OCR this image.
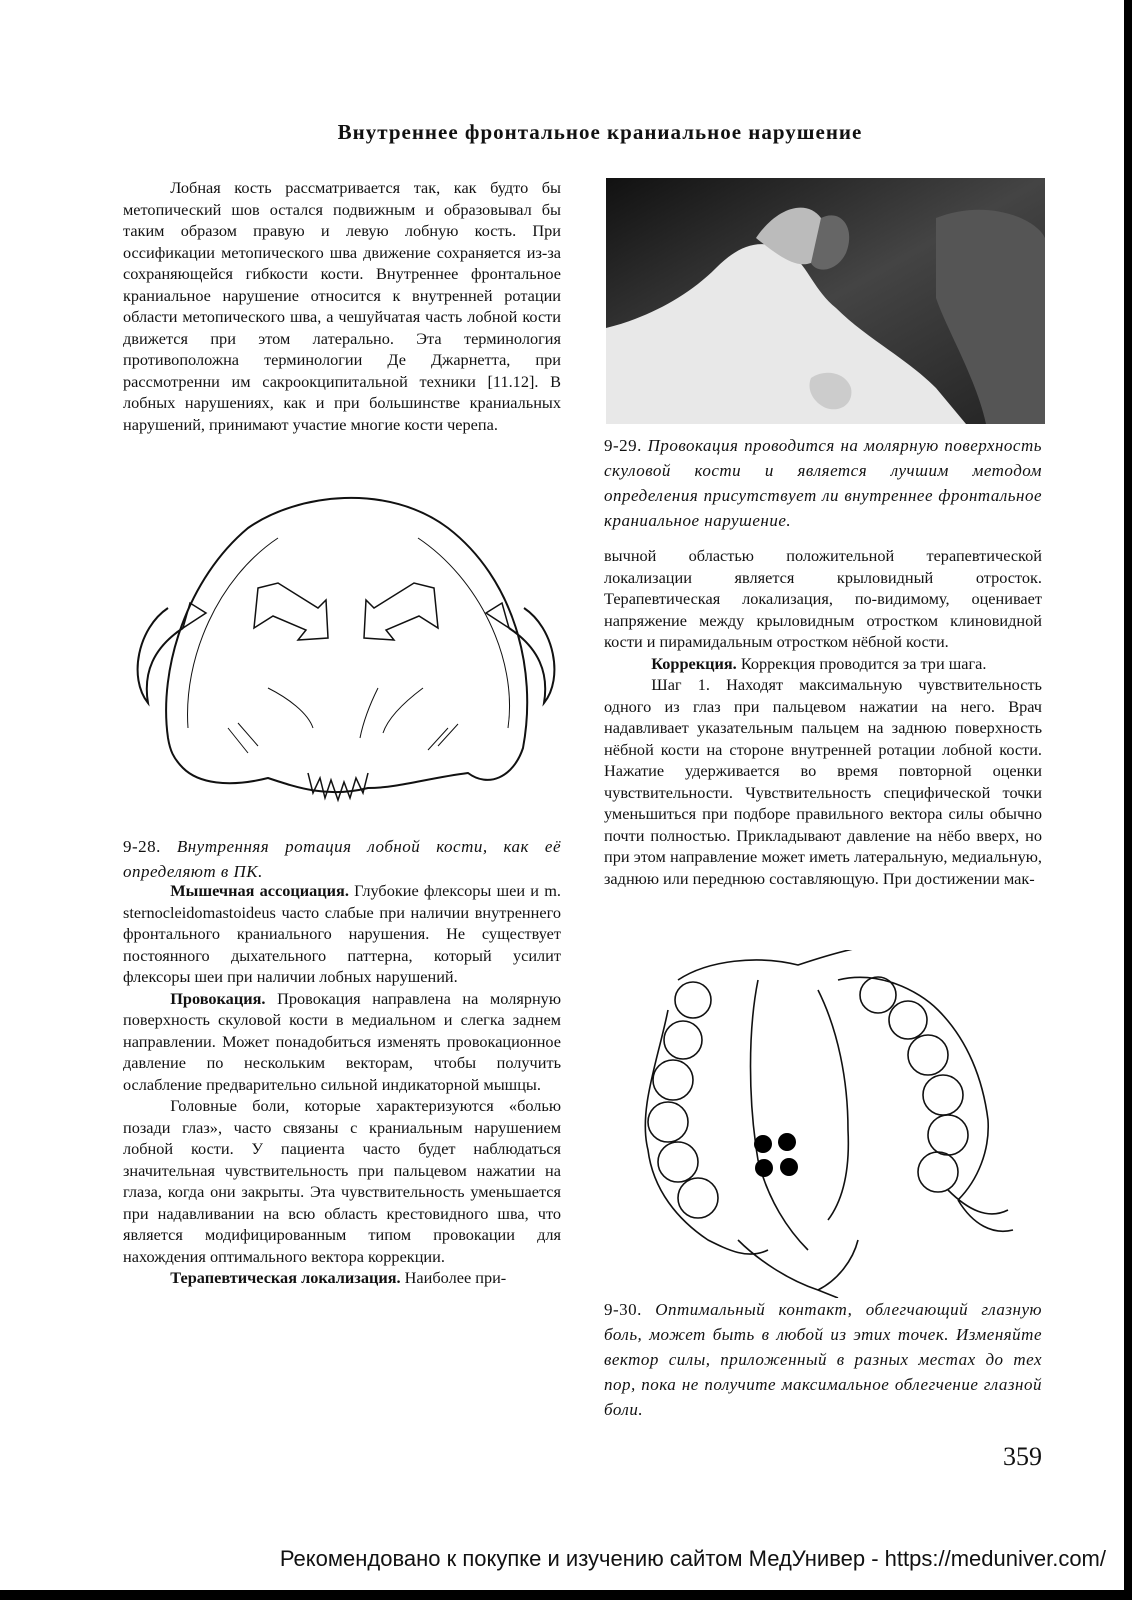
Внутреннее фронтальное краниальное нарушение

Лобная кость рассматривается так, как будто бы метопический шов остался подвижным и образовывал бы таким образом правую и левую лобную кость. При оссификации метопического шва движение сохраняется из-за сохраняющейся гибкости кости. Внутреннее фронтальное краниальное нарушение относится к внутренней ротации области метопического шва, а чешуйчатая часть лобной кости движется при этом латерально. Эта терминология противоположна терминологии Де Джарнетта, при рассмотренни им сакроокципитальной техники [11.12]. В лобных нарушениях, как и при большинстве краниальных нарушений, принимают участие многие кости черепа.

9-28. Внутренняя ротация лобной кости, как её определяют в ПК.

Мышечная ассоциация. Глубокие флексоры шеи и m. sternocleidomastoideus часто слабые при наличии внутреннего фронтального краниального нарушения. Не существует постоянного дыхательного паттерна, который усилит флексоры шеи при наличии лобных нарушений.

Провокация. Провокация направлена на молярную поверхность скуловой кости в медиальном и слегка заднем направлении. Может понадобиться изменять провокационное давление по нескольким векторам, чтобы получить ослабление предварительно сильной индикаторной мышцы.

Головные боли, которые характеризуются «болью позади глаз», часто связаны с краниальным нарушением лобной кости. У пациента часто будет наблюдаться значительная чувствительность при пальцевом нажатии на глаза, когда они закрыты. Эта чувствительность уменьшается при надавливании на всю область крестовидного шва, что является модифицированным типом провокации для нахождения оптимального вектора коррекции.

Терапевтическая локализация. Наиболее при-

9-29. Провокация проводится на молярную поверхность скуловой кости и является лучшим методом определения присутствует ли внутреннее фронтальное краниальное нарушение.

вычной областью положительной терапевтической локализации является крыловидный отросток. Терапевтическая локализация, по-видимому, оценивает напряжение между крыловидным отростком клиновидной кости и пирамидальным отростком нёбной кости.

Коррекция. Коррекция проводится за три шага.

Шаг 1. Находят максимальную чувствительность одного из глаз при пальцевом нажатии на него. Врач надавливает указательным пальцем на заднюю поверхность нёбной кости на стороне внутренней ротации лобной кости. Нажатие удерживается во время повторной оценки чувствительности. Чувствительность специфической точки уменьшиться при подборе правильного вектора силы обычно почти полностью. Прикладывают давление на нёбо вверх, но при этом направление может иметь латеральную, медиальную, заднюю или переднюю составляющую. При достижении мак-

9-30. Оптимальный контакт, облегчающий глазную боль, может быть в любой из этих точек. Изменяйте вектор силы, приложенный в разных местах до тех пор, пока не получите максимальное облегчение глазной боли.
359
Рекомендовано к покупке и изучению сайтом МедУнивер - https://meduniver.com/
